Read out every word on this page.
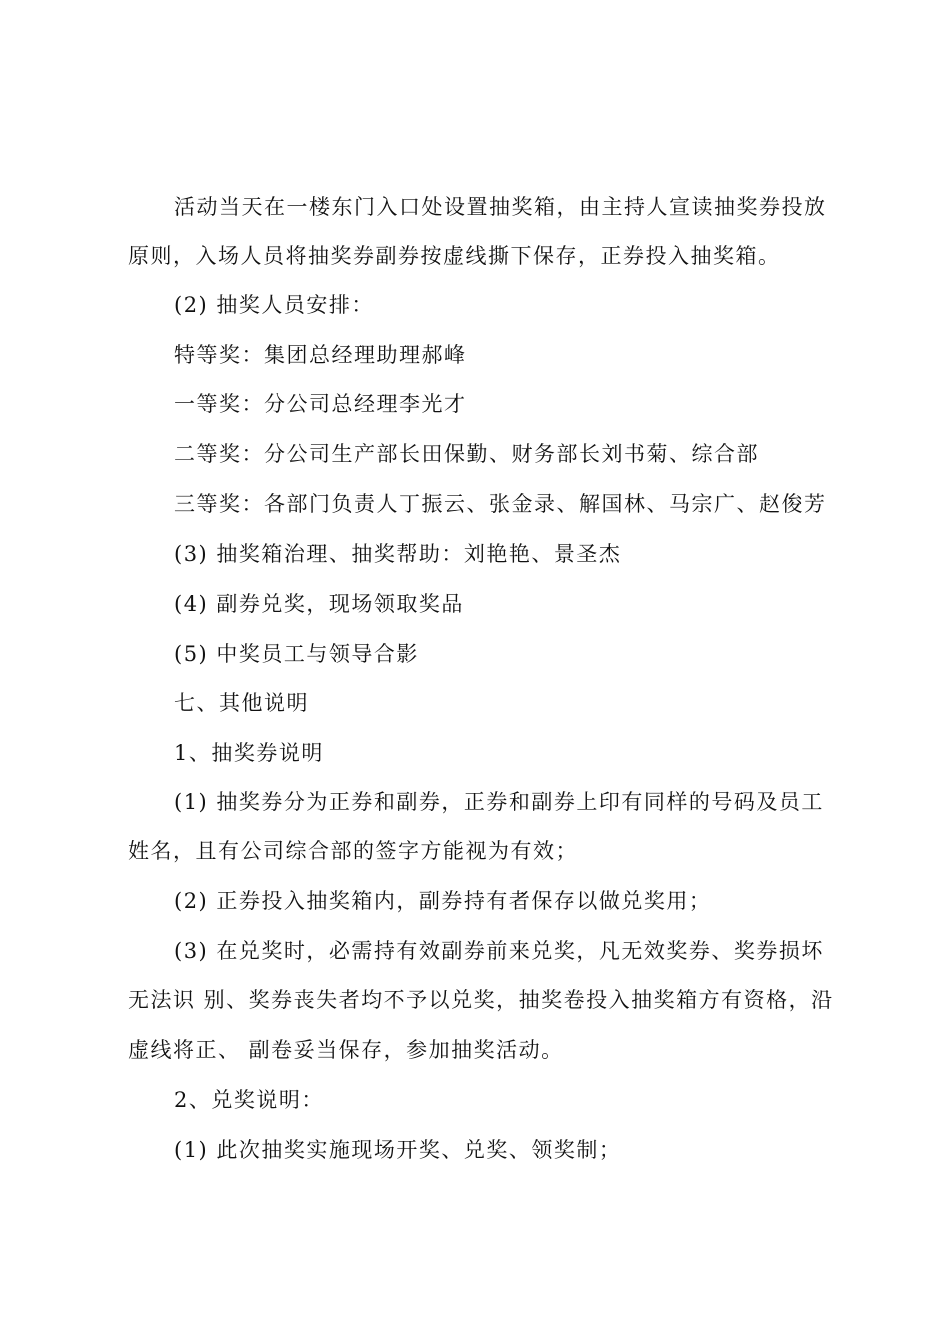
活动当天在一楼东门入口处设置抽奖箱，由主持人宣读抽奖券投放
原则，入场人员将抽奖券副券按虚线撕下保存，正券投入抽奖箱。
(2) 抽奖人员安排：
特等奖：集团总经理助理郝峰
一等奖：分公司总经理李光才
二等奖：分公司生产部长田保勤、财务部长刘书菊、综合部
三等奖：各部门负责人丁振云、张金录、解国林、马宗广、赵俊芳
(3) 抽奖箱治理、抽奖帮助：刘艳艳、景圣杰
(4) 副券兑奖，现场领取奖品
(5) 中奖员工与领导合影
七、其他说明
1、抽奖券说明
(1) 抽奖券分为正券和副券，正券和副券上印有同样的号码及员工
姓名，且有公司综合部的签字方能视为有效；
(2) 正券投入抽奖箱内，副券持有者保存以做兑奖用；
(3) 在兑奖时，必需持有效副券前来兑奖，凡无效奖券、奖券损坏
无法识 别、奖券丧失者均不予以兑奖，抽奖卷投入抽奖箱方有资格，沿
虚线将正、 副卷妥当保存，参加抽奖活动。
2、兑奖说明：
(1) 此次抽奖实施现场开奖、兑奖、领奖制；
